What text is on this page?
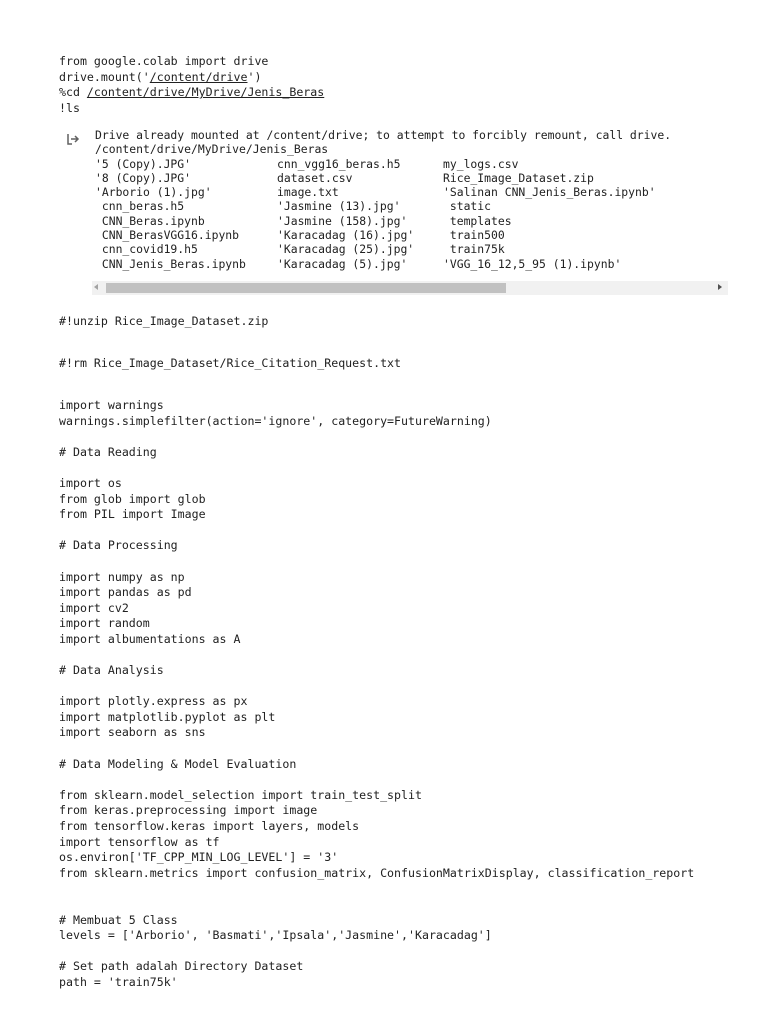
from google.colab import drive
drive.mount('/content/drive')
%cd /content/drive/MyDrive/Jenis_Beras
!ls
Drive already mounted at /content/drive; to attempt to forcibly remount, call drive.
/content/drive/MyDrive/Jenis_Beras
'5 (Copy).JPG'	cnn_vgg16_beras.h5	my_logs.csv
'8 (Copy).JPG'	dataset.csv	Rice_Image_Dataset.zip
'Arborio (1).jpg'	image.txt	'Salinan CNN_Jenis_Beras.ipynb'
cnn_beras.h5	'Jasmine (13).jpg'	static
CNN_Beras.ipynb	'Jasmine (158).jpg'	templates
CNN_BerasVGG16.ipynb	'Karacadag (16).jpg'	train500
cnn_covid19.h5	'Karacadag (25).jpg'	train75k
CNN_Jenis_Beras.ipynb	'Karacadag (5).jpg'	'VGG_16_12,5_95 (1).ipynb'
#!unzip Rice_Image_Dataset.zip
#!rm Rice_Image_Dataset/Rice_Citation_Request.txt
import warnings
warnings.simplefilter(action='ignore', category=FutureWarning)
# Data Reading
import os
from glob import glob
from PIL import Image
# Data Processing
import numpy as np
import pandas as pd
import cv2
import random
import albumentations as A
# Data Analysis
import plotly.express as px
import matplotlib.pyplot as plt
import seaborn as sns
# Data Modeling & Model Evaluation
from sklearn.model_selection import train_test_split
from keras.preprocessing import image
from tensorflow.keras import layers, models
import tensorflow as tf
os.environ['TF_CPP_MIN_LOG_LEVEL'] = '3'
from sklearn.metrics import confusion_matrix, ConfusionMatrixDisplay, classification_report
# Membuat 5 Class
levels = ['Arborio', 'Basmati','Ipsala','Jasmine','Karacadag']
# Set path adalah Directory Dataset
path = 'train75k'
